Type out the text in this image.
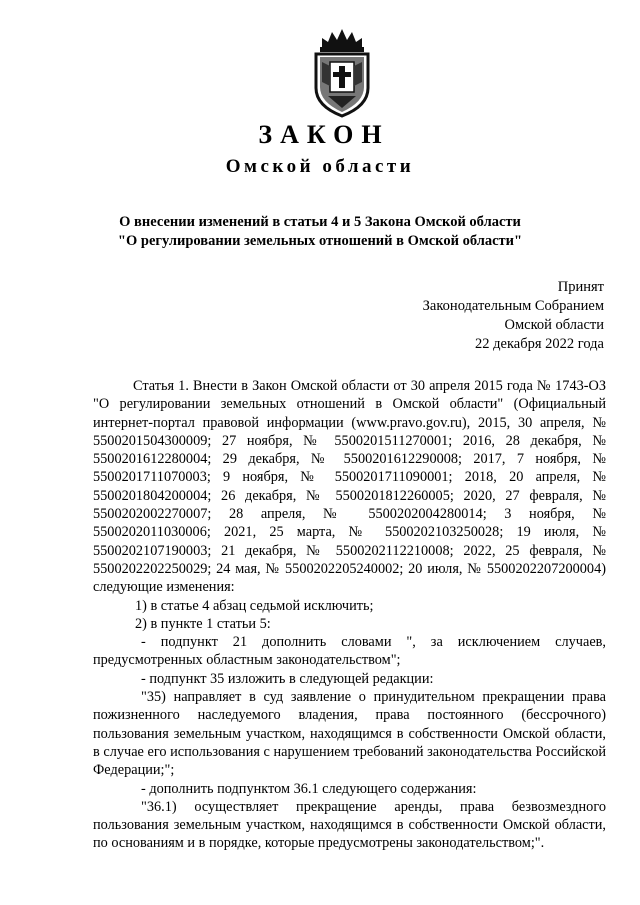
ЗАКОН
Омской области
О внесении изменений в статьи 4 и 5 Закона Омской области
"О регулировании земельных отношений в Омской области"
Принят
Законодательным Собранием
Омской области
22 декабря 2022 года
Статья 1. Внести в Закон Омской области от 30 апреля 2015 года № 1743-ОЗ "О регулировании земельных отношений в Омской области" (Официальный интернет-портал правовой информации (www.pravo.gov.ru), 2015, 30 апреля, № 5500201504300009; 27 ноября, № 5500201511270001; 2016, 28 декабря, № 5500201612280004; 29 декабря, № 5500201612290008; 2017, 7 ноября, № 5500201711070003; 9 ноября, № 5500201711090001; 2018, 20 апреля, № 5500201804200004; 26 декабря, № 5500201812260005; 2020, 27 февраля, № 5500202002270007; 28 апреля, № 5500202004280014; 3 ноября, № 5500202011030006; 2021, 25 марта, № 5500202103250028; 19 июля, № 5500202107190003; 21 декабря, № 5500202112210008; 2022, 25 февраля, № 5500202202250029; 24 мая, № 5500202205240002; 20 июля, № 5500202207200004) следующие изменения:
1) в статье 4 абзац седьмой исключить;
2) в пункте 1 статьи 5:
- подпункт 21 дополнить словами ", за исключением случаев, предусмотренных областным законодательством";
- подпункт 35 изложить в следующей редакции:
"35) направляет в суд заявление о принудительном прекращении права пожизненного наследуемого владения, права постоянного (бессрочного) пользования земельным участком, находящимся в собственности Омской области, в случае его использования с нарушением требований законодательства Российской Федерации;";
- дополнить подпунктом 36.1 следующего содержания:
"36.1) осуществляет прекращение аренды, права безвозмездного пользования земельным участком, находящимся в собственности Омской области, по основаниям и в порядке, которые предусмотрены законодательством;".
